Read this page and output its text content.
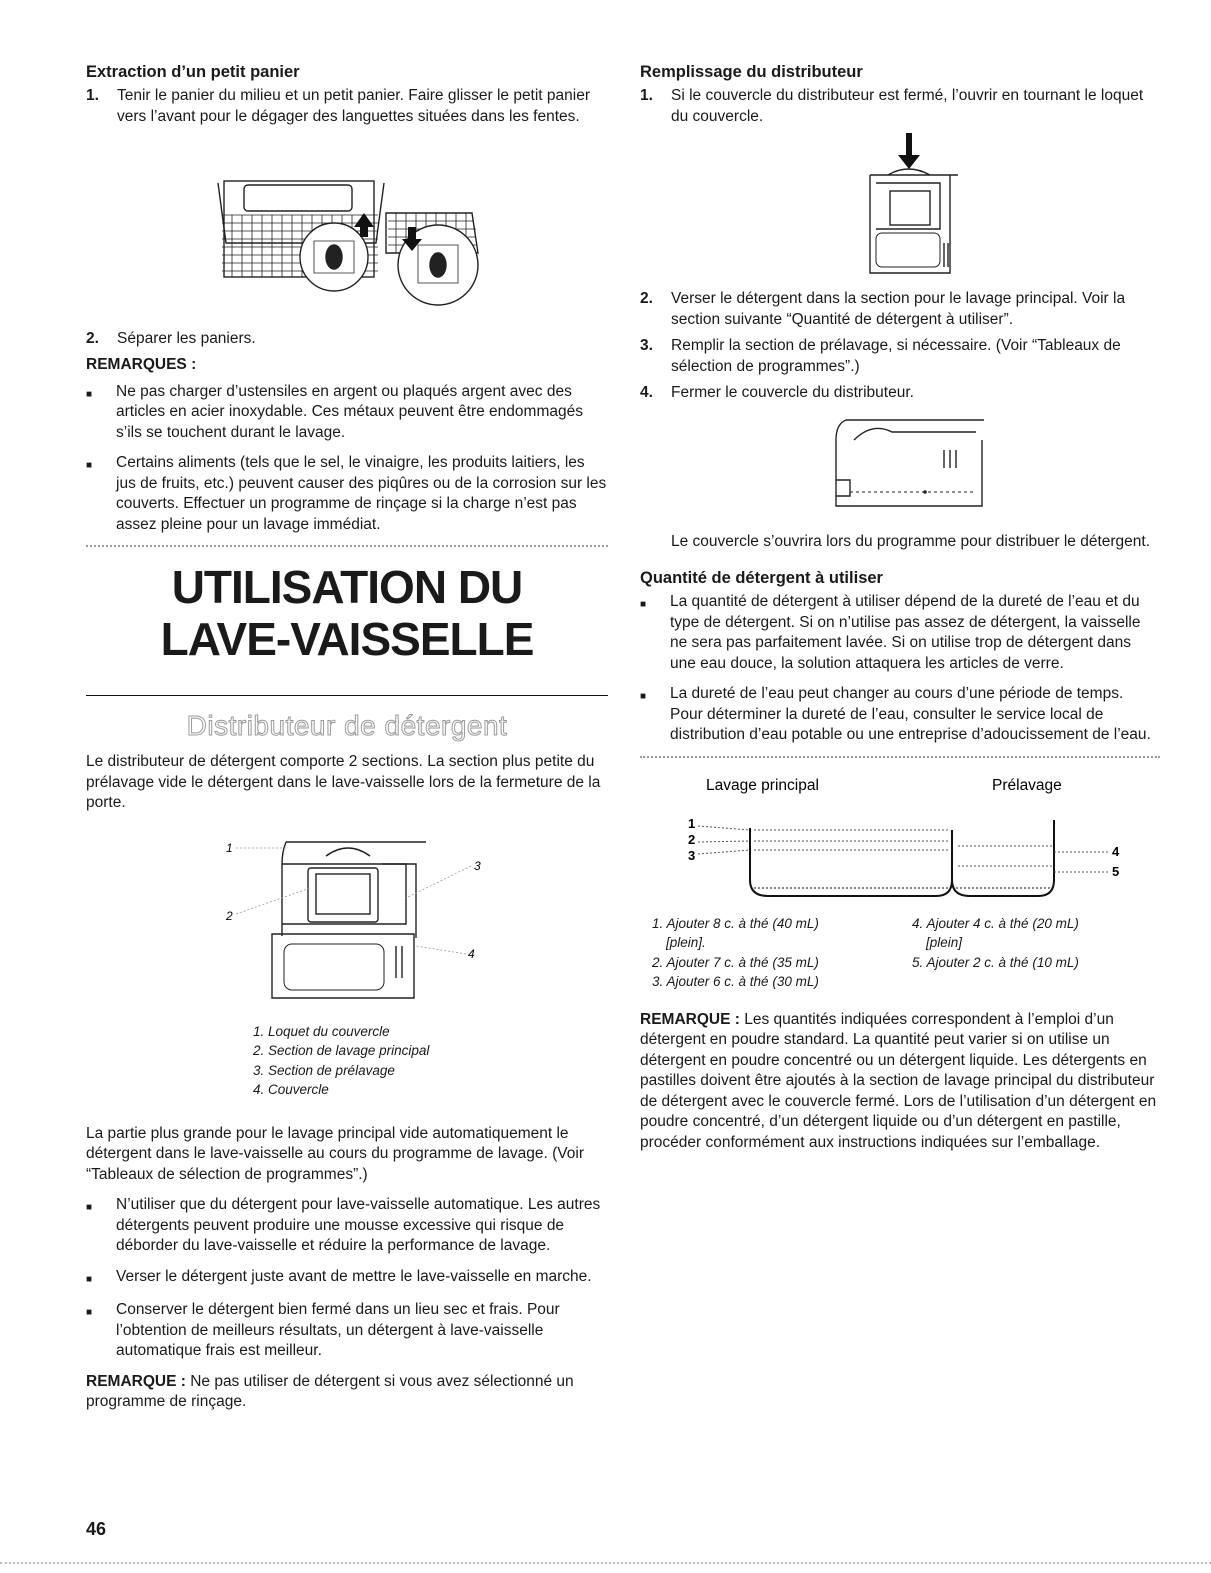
Extraction d’un petit panier
1.	Tenir le panier du milieu et un petit panier. Faire glisser le petit panier vers l’avant pour le dégager des languettes situées dans les fentes.
2.	Séparer les paniers.
REMARQUES :
■	Ne pas charger d’ustensiles en argent ou plaqués argent avec des articles en acier inoxydable. Ces métaux peuvent être endommagés s’ils se touchent durant le lavage.
■	Certains aliments (tels que le sel, le vinaigre, les produits laitiers, les jus de fruits, etc.) peuvent causer des piqûres ou de la corrosion sur les couverts. Effectuer un programme de rinçage si la charge n’est pas assez pleine pour un lavage immédiat.
UTILISATION DU
LAVE-VAISSELLE
Distributeur de détergent

Le distributeur de détergent comporte 2 sections. La section plus petite du prélavage vide le détergent dans le lave-vaisselle lors de la fermeture de la porte.

1
2
3
4
1. Loquet du couvercle
2. Section de lavage principal
3. Section de prélavage
4. Couvercle

La partie plus grande pour le lavage principal vide automatiquement le détergent dans le lave-vaisselle au cours du programme de lavage. (Voir “Tableaux de sélection de programmes”.)

■	N’utiliser que du détergent pour lave-vaisselle automatique. Les autres détergents peuvent produire une mousse excessive qui risque de déborder du lave-vaisselle et réduire la performance de lavage.
■	Verser le détergent juste avant de mettre le lave-vaisselle en marche.
■	Conserver le détergent bien fermé dans un lieu sec et frais. Pour l’obtention de meilleurs résultats, un détergent à lave-vaisselle automatique frais est meilleur.

REMARQUE : Ne pas utiliser de détergent si vous avez sélectionné un programme de rinçage.

Remplissage du distributeur
1.	Si le couvercle du distributeur est fermé, l’ouvrir en tournant le loquet du couvercle.
2.	Verser le détergent dans la section pour le lavage principal. Voir la section suivante “Quantité de détergent à utiliser”.
3.	Remplir la section de prélavage, si nécessaire. (Voir “Tableaux de sélection de programmes”.)
4.	Fermer le couvercle du distributeur.
Le couvercle s’ouvrira lors du programme pour distribuer le détergent.
Quantité de détergent à utiliser
■	La quantité de détergent à utiliser dépend de la dureté de l’eau et du type de détergent. Si on n’utilise pas assez de détergent, la vaisselle ne sera pas parfaitement lavée. Si on utilise trop de détergent dans une eau douce, la solution attaquera les articles de verre.
■	La dureté de l’eau peut changer au cours d’une période de temps. Pour déterminer la dureté de l’eau, consulter le service local de distribution d’eau potable ou une entreprise d’adoucissement de l’eau.
Lavage principal	Prélavage
1
2
3	4
5
1. Ajouter 8 c. à thé (40 mL)
[plein].
2. Ajouter 7 c. à thé (35 mL)
3. Ajouter 6 c. à thé (30 mL)
4. Ajouter 4 c. à thé (20 mL)
[plein]
5. Ajouter 2 c. à thé (10 mL)

REMARQUE : Les quantités indiquées correspondent à l’emploi d’un détergent en poudre standard. La quantité peut varier si on utilise un détergent en poudre concentré ou un détergent liquide. Les détergents en pastilles doivent être ajoutés à la section de lavage principal du distributeur de détergent avec le couvercle fermé. Lors de l’utilisation d’un détergent en poudre concentré, d’un détergent liquide ou d’un détergent en pastille, procéder conformément aux instructions indiquées sur l’emballage.

46
